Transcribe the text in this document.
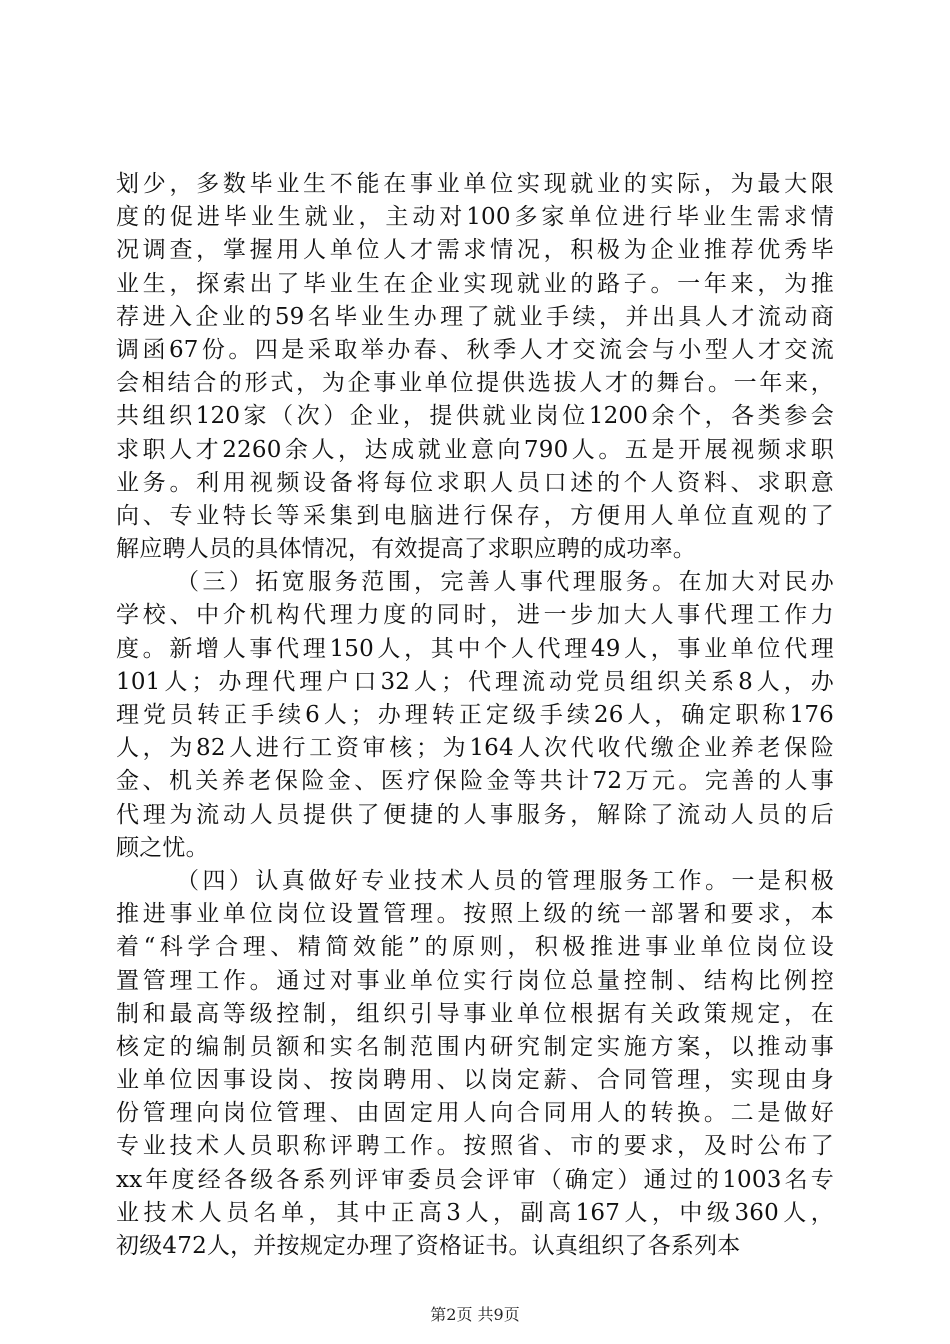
划少，多数毕业生不能在事业单位实现就业的实际，为最大限
度的促进毕业生就业，主动对100多家单位进行毕业生需求情
况调查，掌握用人单位人才需求情况，积极为企业推荐优秀毕
业生，探索出了毕业生在企业实现就业的路子。一年来，为推
荐进入企业的59名毕业生办理了就业手续，并出具人才流动商
调函67份。四是采取举办春、秋季人才交流会与小型人才交流
会相结合的形式，为企事业单位提供选拔人才的舞台。一年来，
共组织120家（次）企业，提供就业岗位1200余个，各类参会
求职人才2260余人，达成就业意向790人。五是开展视频求职
业务。利用视频设备将每位求职人员口述的个人资料、求职意
向、专业特长等采集到电脑进行保存，方便用人单位直观的了
解应聘人员的具体情况，有效提高了求职应聘的成功率。
（三）拓宽服务范围，完善人事代理服务。在加大对民办
学校、中介机构代理力度的同时，进一步加大人事代理工作力
度。新增人事代理150人，其中个人代理49人，事业单位代理
101人；办理代理户口32人；代理流动党员组织关系8人，办
理党员转正手续6人；办理转正定级手续26人，确定职称176
人，为82人进行工资审核；为164人次代收代缴企业养老保险
金、机关养老保险金、医疗保险金等共计72万元。完善的人事
代理为流动人员提供了便捷的人事服务，解除了流动人员的后
顾之忧。
（四）认真做好专业技术人员的管理服务工作。一是积极
推进事业单位岗位设置管理。按照上级的统一部署和要求，本
着“科学合理、精简效能”的原则，积极推进事业单位岗位设
置管理工作。通过对事业单位实行岗位总量控制、结构比例控
制和最高等级控制，组织引导事业单位根据有关政策规定，在
核定的编制员额和实名制范围内研究制定实施方案，以推动事
业单位因事设岗、按岗聘用、以岗定薪、合同管理，实现由身
份管理向岗位管理、由固定用人向合同用人的转换。二是做好
专业技术人员职称评聘工作。按照省、市的要求，及时公布了
xx年度经各级各系列评审委员会评审（确定）通过的1003名专
业技术人员名单，其中正高3人，副高167人，中级360人，
初级472人，并按规定办理了资格证书。认真组织了各系列本
第2页 共9页
